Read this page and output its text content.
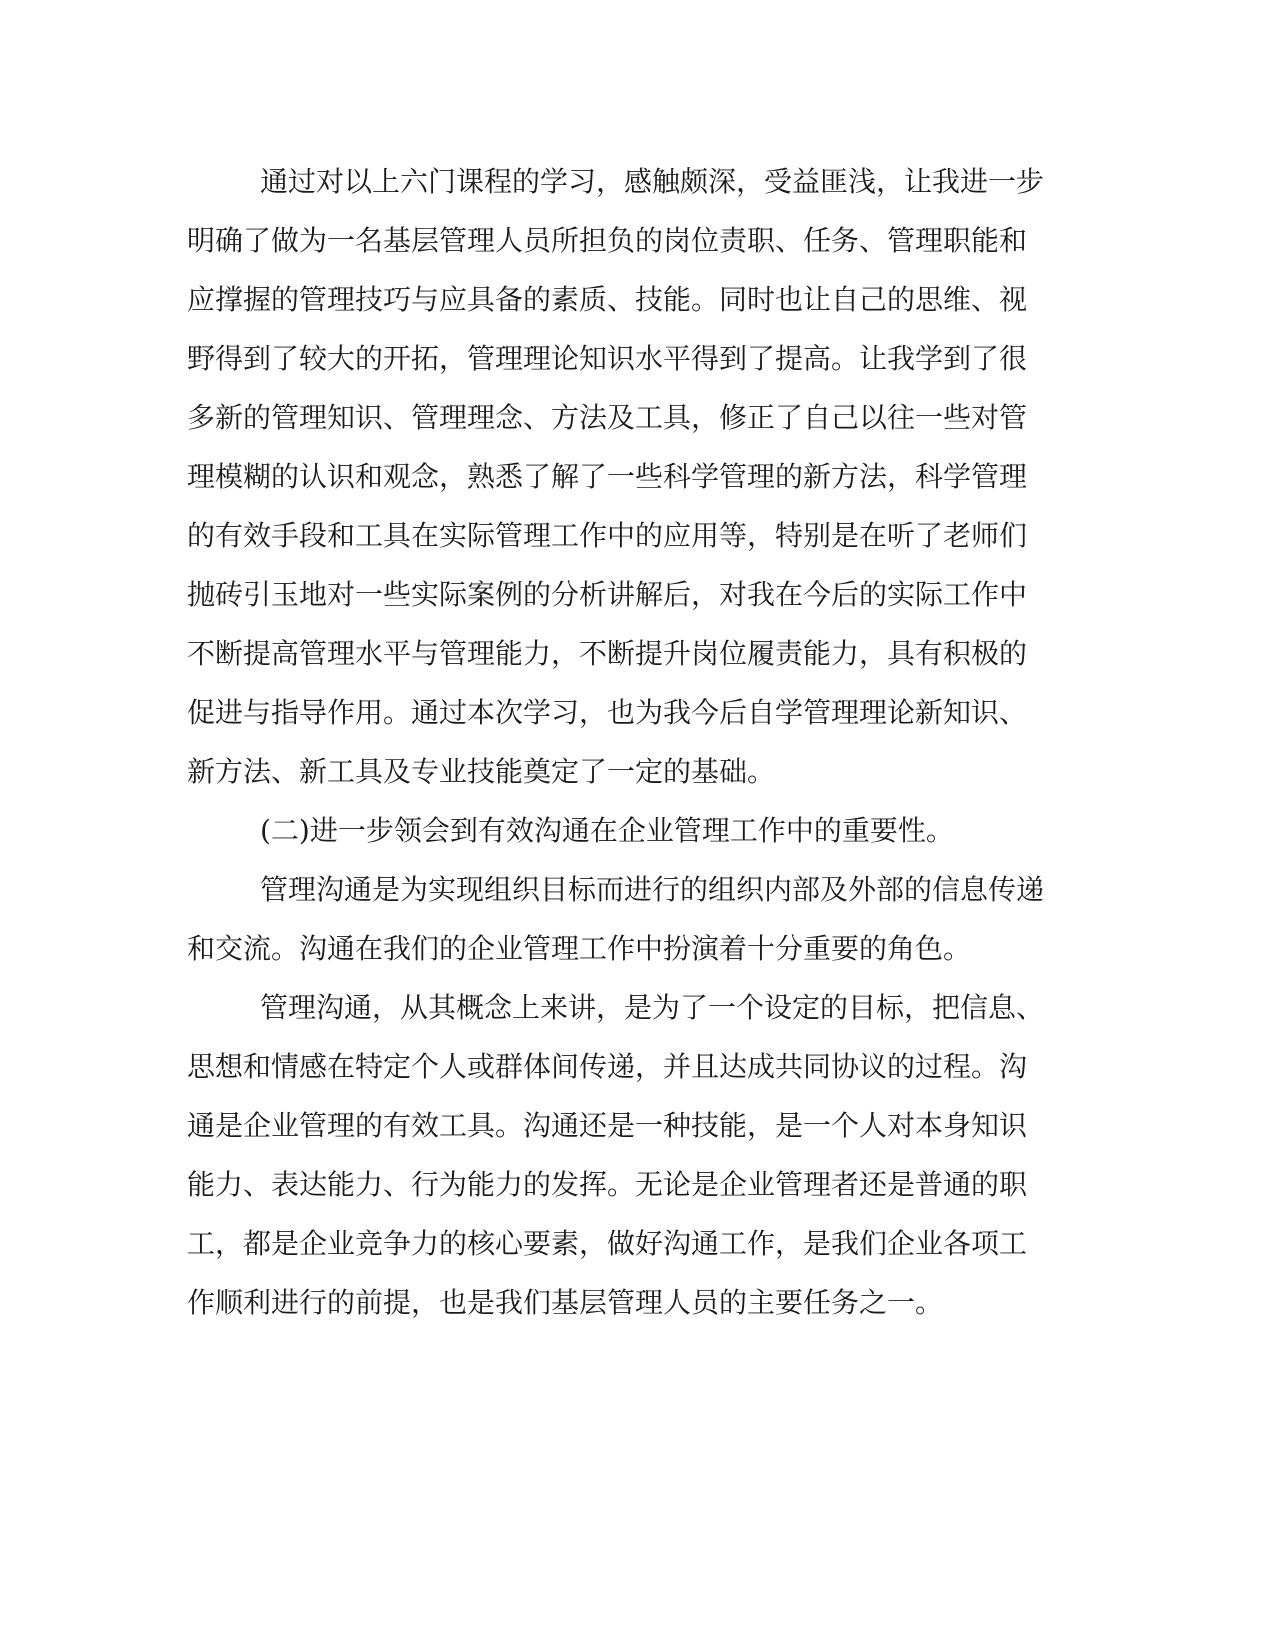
通过对以上六门课程的学习，感触颇深，受益匪浅，让我进一步
明确了做为一名基层管理人员所担负的岗位责职、任务、管理职能和
应撑握的管理技巧与应具备的素质、技能。同时也让自己的思维、视
野得到了较大的开拓，管理理论知识水平得到了提高。让我学到了很
多新的管理知识、管理理念、方法及工具，修正了自己以往一些对管
理模糊的认识和观念，熟悉了解了一些科学管理的新方法，科学管理
的有效手段和工具在实际管理工作中的应用等，特别是在听了老师们
抛砖引玉地对一些实际案例的分析讲解后，对我在今后的实际工作中
不断提高管理水平与管理能力，不断提升岗位履责能力，具有积极的
促进与指导作用。通过本次学习，也为我今后自学管理理论新知识、
新方法、新工具及专业技能奠定了一定的基础。
(二)进一步领会到有效沟通在企业管理工作中的重要性。
管理沟通是为实现组织目标而进行的组织内部及外部的信息传递
和交流。沟通在我们的企业管理工作中扮演着十分重要的角色。
管理沟通，从其概念上来讲，是为了一个设定的目标，把信息、
思想和情感在特定个人或群体间传递，并且达成共同协议的过程。沟
通是企业管理的有效工具。沟通还是一种技能，是一个人对本身知识
能力、表达能力、行为能力的发挥。无论是企业管理者还是普通的职
工，都是企业竞争力的核心要素，做好沟通工作，是我们企业各项工
作顺利进行的前提，也是我们基层管理人员的主要任务之一。
